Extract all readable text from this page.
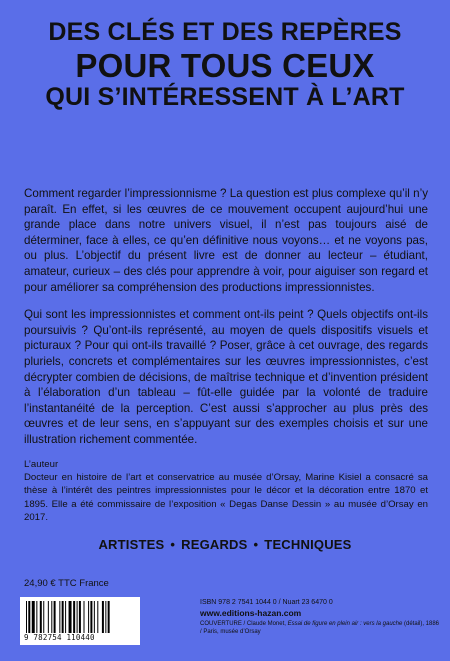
DES CLÉS ET DES REPÈRES
POUR TOUS CEUX
QUI S’INTÉRESSENT À L’ART

Comment regarder l’impressionnisme ? La question est plus complexe qu’il n’y paraît. En effet, si les œuvres de ce mouvement occupent aujourd’hui une grande place dans notre univers visuel, il n’est pas toujours aisé de déterminer, face à elles, ce qu’en définitive nous voyons… et ne voyons pas, ou plus. L’objectif du présent livre est de donner au lecteur – étudiant, amateur, curieux – des clés pour apprendre à voir, pour aiguiser son regard et pour améliorer sa compréhension des productions impressionnistes.

Qui sont les impressionnistes et comment ont-ils peint ? Quels objectifs ont-ils poursuivis ? Qu’ont-ils représenté, au moyen de quels dispositifs visuels et picturaux ? Pour qui ont-ils travaillé ? Poser, grâce à cet ouvrage, des regards pluriels, concrets et complémentaires sur les œuvres impressionnistes, c’est décrypter combien de décisions, de maîtrise technique et d’invention président à l’élaboration d’un tableau – fût-elle guidée par la volonté de traduire l’instantanéité de la perception. C’est aussi s’approcher au plus près des œuvres et de leur sens, en s’appuyant sur des exemples choisis et sur une illustration richement commentée.

L’auteur

Docteur en histoire de l’art et conservatrice au musée d’Orsay, Marine Kisiel a consacré sa thèse à l’intérêt des peintres impressionnistes pour le décor et la décoration entre 1870 et 1895. Elle a été commissaire de l’exposition « Degas Danse Dessin » au musée d’Orsay en 2017.

ARTISTES • REGARDS • TECHNIQUES
24,90 € TTC France
9 782754 110440
ISBN 978 2 7541 1044 0 / Nuart 23 6470 0
www.editions-hazan.com
COUVERTURE / Claude Monet, Essai de figure en plein air : vers la gauche (détail), 1886 / Paris, musée d’Orsay
